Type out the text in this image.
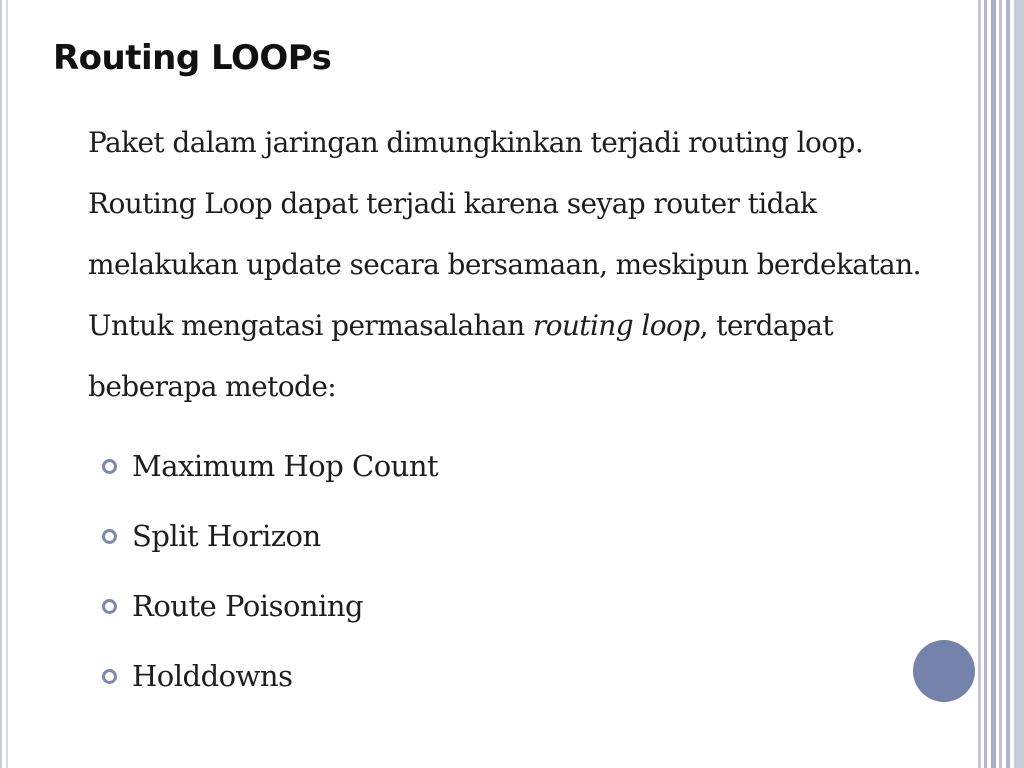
Routing LOOPs

Paket dalam jaringan dimungkinkan terjadi routing loop. Routing Loop dapat terjadi karena seyap router tidak melakukan update secara bersamaan, meskipun berdekatan. Untuk mengatasi permasalahan routing loop, terdapat beberapa metode:

Maximum Hop Count
Split Horizon
Route Poisoning
Holddowns
